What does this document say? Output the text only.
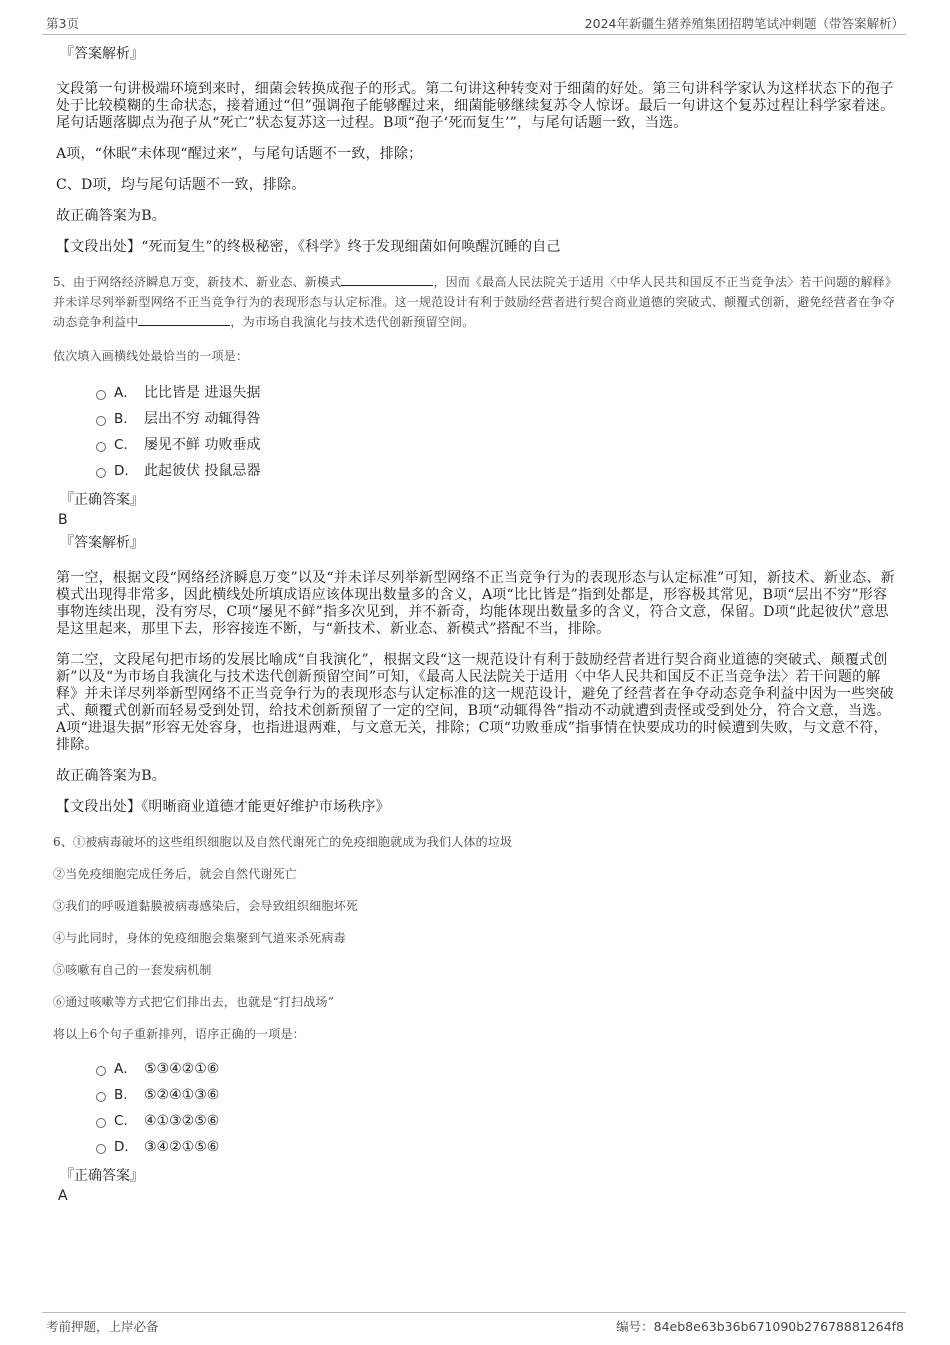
第3页	2024年新疆生猪养殖集团招聘笔试冲刺题（带答案解析）
『答案解析』
文段第一句讲极端环境到来时，细菌会转换成孢子的形式。第二句讲这种转变对于细菌的好处。第三句讲科学家认为这样状态下的孢子处于比较模糊的生命状态，接着通过“但”强调孢子能够醒过来，细菌能够继续复苏令人惊讶。最后一句讲这个复苏过程让科学家着迷。尾句话题落脚点为孢子从“死亡”状态复苏这一过程。B项“孢子‘死而复生’”，与尾句话题一致，当选。
A项，“休眠”未体现“醒过来”，与尾句话题不一致，排除；
C、D项，均与尾句话题不一致，排除。
故正确答案为B。
【文段出处】“死而复生”的终极秘密，《科学》终于发现细菌如何唤醒沉睡的自己
5、由于网络经济瞬息万变，新技术、新业态、新模式	，因而《最高人民法院关于适用〈中华人民共和国反不正当竞争法〉若干问题的解释》并未详尽列举新型网络不正当竞争行为的表现形态与认定标准。这一规范设计有利于鼓励经营者进行契合商业道德的突破式、颠覆式创新，避免经营者在争夺动态竞争利益中	，为市场自我演化与技术迭代创新预留空间。
依次填入画横线处最恰当的一项是：
A． 比比皆是 进退失据
B.	层出不穷 动辄得咎
C.	屡见不鲜 功败垂成
D.	此起彼伏 投鼠忌器
『正确答案』
B
『答案解析』
第一空，根据文段“网络经济瞬息万变”以及“并未详尽列举新型网络不正当竞争行为的表现形态与认定标准”可知，新技术、新业态、新模式出现得非常多，因此横线处所填成语应该体现出数量多的含义，A项“比比皆是”指到处都是，形容极其常见，B项“层出不穷”形容事物连续出现，没有穷尽，C项“屡见不鲜”指多次见到，并不新奇，均能体现出数量多的含义，符合文意，保留。D项“此起彼伏”意思是这里起来，那里下去，形容接连不断，与“新技术、新业态、新模式”搭配不当，排除。
第二空，文段尾句把市场的发展比喻成“自我演化”，根据文段“这一规范设计有利于鼓励经营者进行契合商业道德的突破式、颠覆式创新”以及“为市场自我演化与技术迭代创新预留空间”可知，《最高人民法院关于适用〈中华人民共和国反不正当竞争法〉若干问题的解释》并未详尽列举新型网络不正当竞争行为的表现形态与认定标准的这一规范设计，避免了经营者在争夺动态竞争利益中因为一些突破式、颠覆式创新而轻易受到处罚，给技术创新预留了一定的空间，B项“动辄得咎”指动不动就遭到责怪或受到处分，符合文意，当选。A项“进退失据”形容无处容身，也指进退两难，与文意无关，排除；C项“功败垂成”指事情在快要成功的时候遭到失败，与文意不符，排除。
故正确答案为B。
【文段出处】《明晰商业道德才能更好维护市场秩序》
6、①被病毒破坏的这些组织细胞以及自然代谢死亡的免疫细胞就成为我们人体的垃圾
②当免疫细胞完成任务后，就会自然代谢死亡
③我们的呼吸道黏膜被病毒感染后，会导致组织细胞坏死
④与此同时，身体的免疫细胞会集聚到气道来杀死病毒
⑤咳嗽有自己的一套发病机制
⑥通过咳嗽等方式把它们排出去，也就是“打扫战场”
将以上6个句子重新排列，语序正确的一项是：
A． ⑤③④②①⑥
B.	⑤②④①③⑥
C.	④①③②⑤⑥
D.	③④②①⑤⑥
『正确答案』
A
考前押题，上岸必备	编号：84eb8e63b36b671090b27678881264f8
